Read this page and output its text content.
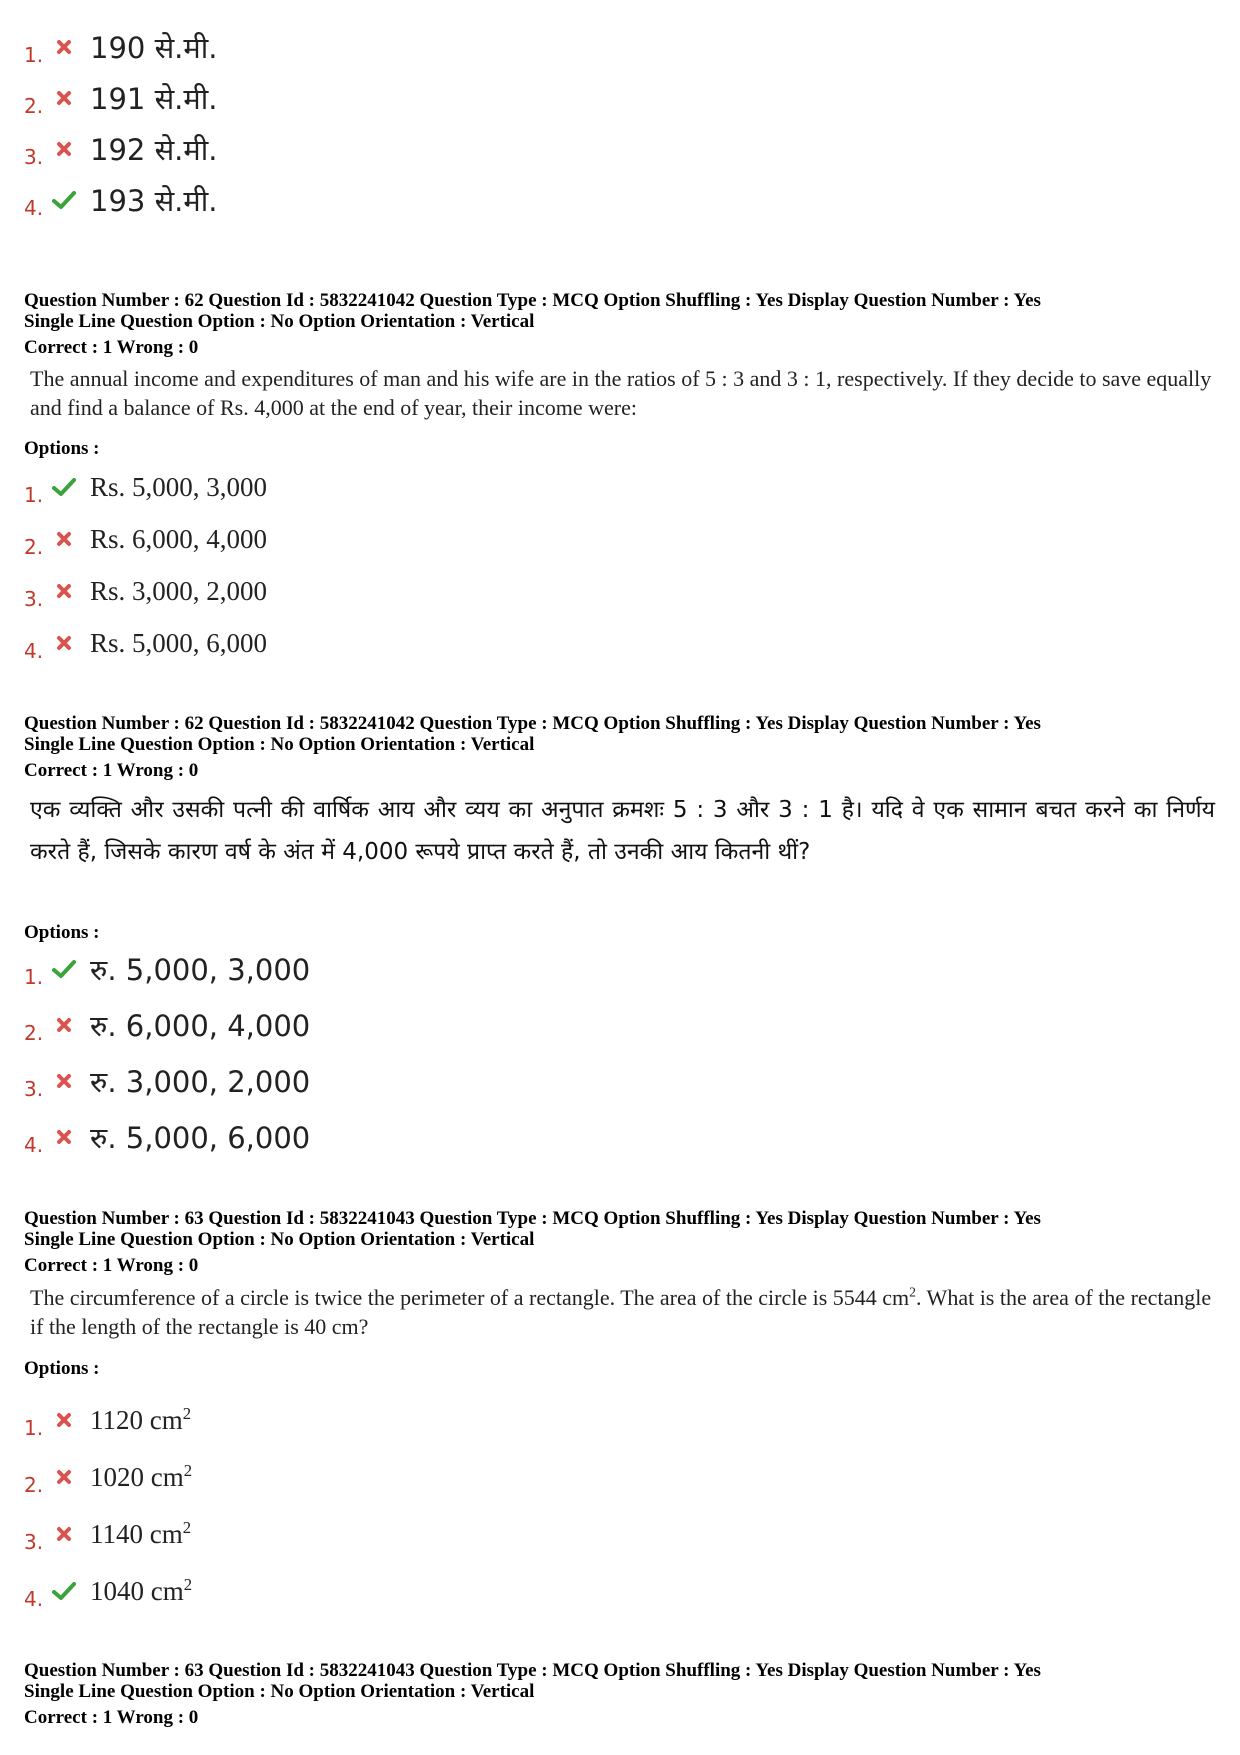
1. 190 से.मी.
2. 191 से.मी.
3. 192 से.मी.
4. 193 से.मी.
Question Number : 62 Question Id : 5832241042 Question Type : MCQ Option Shuffling : Yes Display Question Number : Yes
Single Line Question Option : No Option Orientation : Vertical
Correct : 1 Wrong : 0
The annual income and expenditures of man and his wife are in the ratios of 5 : 3 and 3 : 1, respectively. If they decide to save equally and find a balance of Rs. 4,000 at the end of year, their income were:
Options :
1. Rs. 5,000, 3,000
2. Rs. 6,000, 4,000
3. Rs. 3,000, 2,000
4. Rs. 5,000, 6,000
Question Number : 62 Question Id : 5832241042 Question Type : MCQ Option Shuffling : Yes Display Question Number : Yes
Single Line Question Option : No Option Orientation : Vertical
Correct : 1 Wrong : 0
एक व्यक्ति और उसकी पत्नी की वार्षिक आय और व्यय का अनुपात क्रमशः 5 : 3 और 3 : 1 है। यदि वे एक सामान बचत करने का निर्णय करते हैं, जिसके कारण वर्ष के अंत में 4,000 रूपये प्राप्त करते हैं, तो उनकी आय कितनी थीं?
Options :
1. रु. 5,000, 3,000
2. रु. 6,000, 4,000
3. रु. 3,000, 2,000
4. रु. 5,000, 6,000
Question Number : 63 Question Id : 5832241043 Question Type : MCQ Option Shuffling : Yes Display Question Number : Yes
Single Line Question Option : No Option Orientation : Vertical
Correct : 1 Wrong : 0
The circumference of a circle is twice the perimeter of a rectangle. The area of the circle is 5544 $cm^2$. What is the area of the rectangle if the length of the rectangle is 40 cm?
Options :
1. 1120 $cm^2$
2. 1020 $cm^2$
3. 1140 $cm^2$
4. 1040 $cm^2$
Question Number : 63 Question Id : 5832241043 Question Type : MCQ Option Shuffling : Yes Display Question Number : Yes
Single Line Question Option : No Option Orientation : Vertical
Correct : 1 Wrong : 0
